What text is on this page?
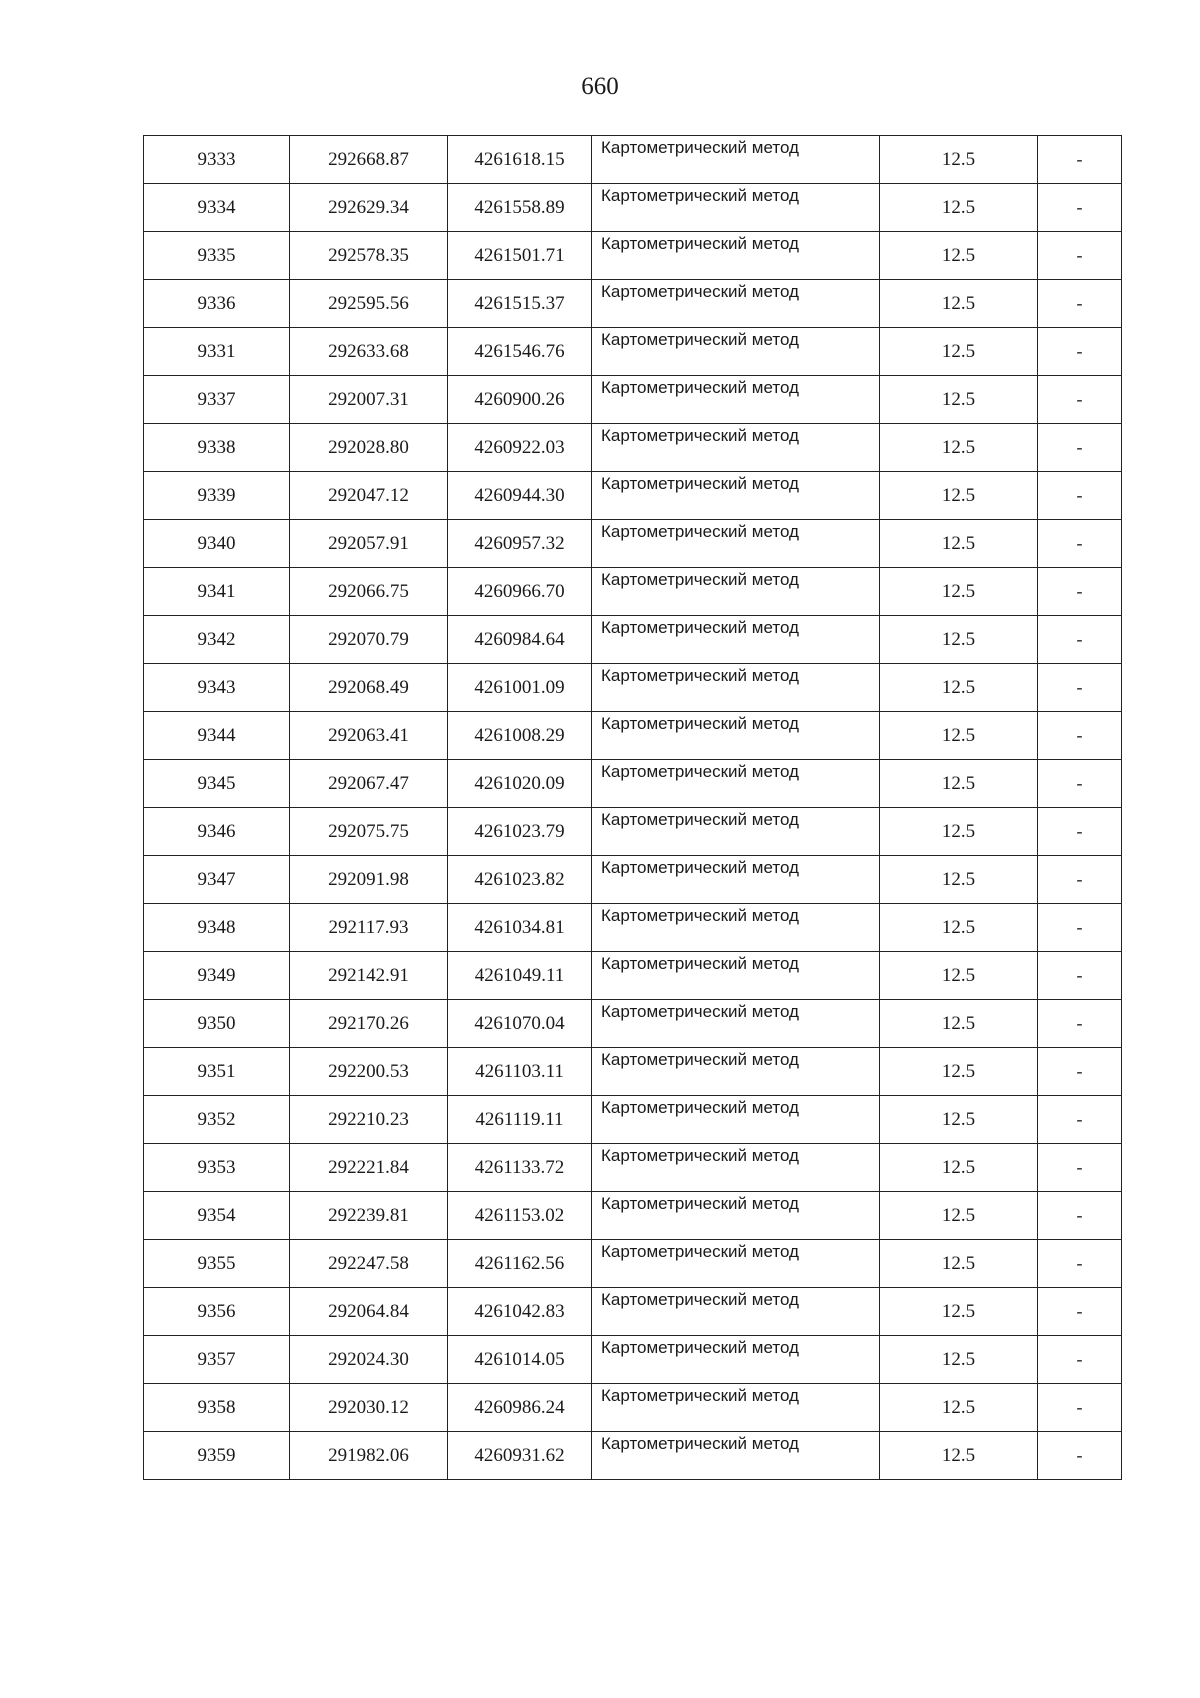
660
9333	292668.87	4261618.15	Картометрический метод	12.5	-
9334	292629.34	4261558.89	Картометрический метод	12.5	-
9335	292578.35	4261501.71	Картометрический метод	12.5	-
9336	292595.56	4261515.37	Картометрический метод	12.5	-
9331	292633.68	4261546.76	Картометрический метод	12.5	-
9337	292007.31	4260900.26	Картометрический метод	12.5	-
9338	292028.80	4260922.03	Картометрический метод	12.5	-
9339	292047.12	4260944.30	Картометрический метод	12.5	-
9340	292057.91	4260957.32	Картометрический метод	12.5	-
9341	292066.75	4260966.70	Картометрический метод	12.5	-
9342	292070.79	4260984.64	Картометрический метод	12.5	-
9343	292068.49	4261001.09	Картометрический метод	12.5	-
9344	292063.41	4261008.29	Картометрический метод	12.5	-
9345	292067.47	4261020.09	Картометрический метод	12.5	-
9346	292075.75	4261023.79	Картометрический метод	12.5	-
9347	292091.98	4261023.82	Картометрический метод	12.5	-
9348	292117.93	4261034.81	Картометрический метод	12.5	-
9349	292142.91	4261049.11	Картометрический метод	12.5	-
9350	292170.26	4261070.04	Картометрический метод	12.5	-
9351	292200.53	4261103.11	Картометрический метод	12.5	-
9352	292210.23	4261119.11	Картометрический метод	12.5	-
9353	292221.84	4261133.72	Картометрический метод	12.5	-
9354	292239.81	4261153.02	Картометрический метод	12.5	-
9355	292247.58	4261162.56	Картометрический метод	12.5	-
9356	292064.84	4261042.83	Картометрический метод	12.5	-
9357	292024.30	4261014.05	Картометрический метод	12.5	-
9358	292030.12	4260986.24	Картометрический метод	12.5	-
9359	291982.06	4260931.62	Картометрический метод	12.5	-
